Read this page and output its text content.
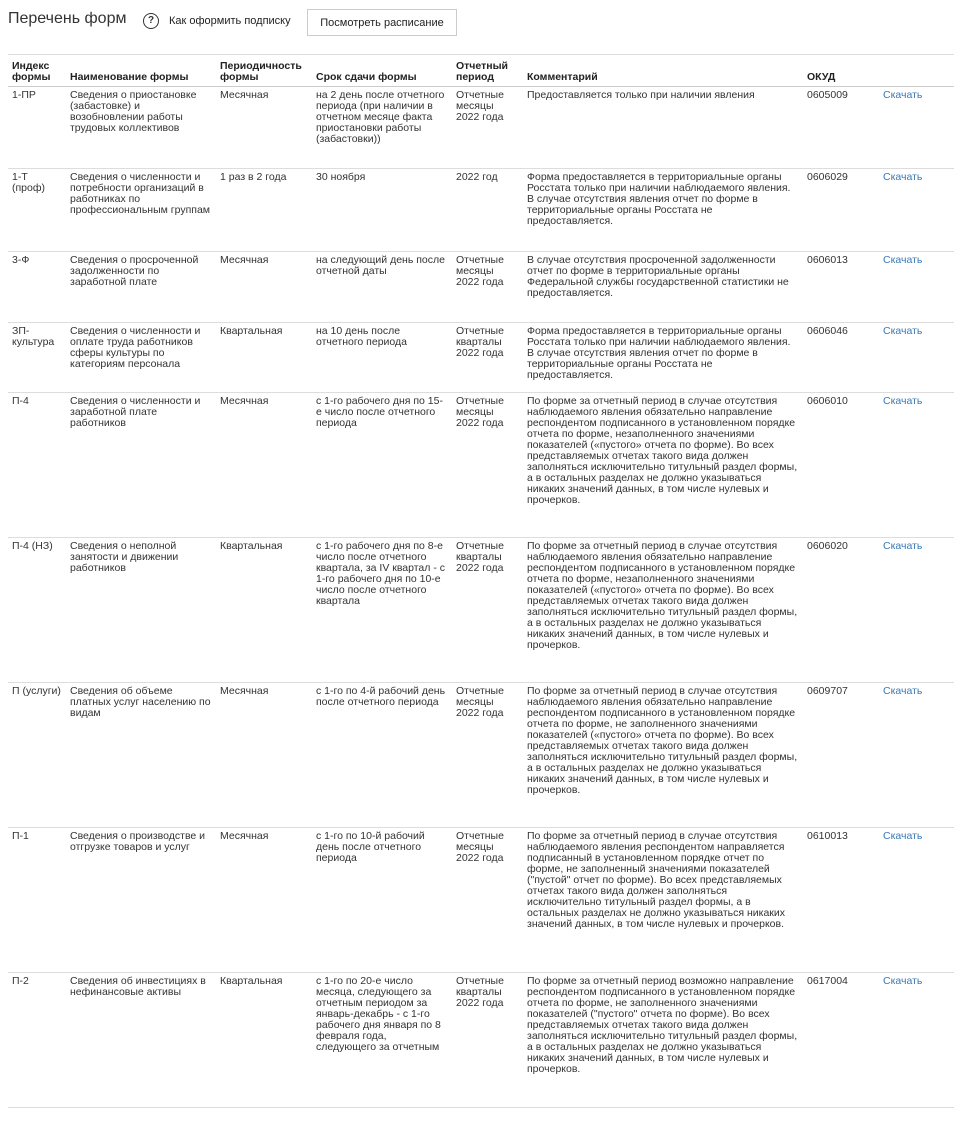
Перечень форм	?	Как оформить подписку	Посмотреть расписание
Индекс формы	Наименование формы	Периодичность формы	Срок сдачи формы	Отчетный период	Комментарий	ОКУД	
1-ПР	Сведения о приостановке (забастовке) и возобновлении работы трудовых коллективов	Месячная	на 2 день после отчетного периода (при наличии в отчетном месяце факта приостановки работы (забастовки))	Отчетные месяцы 2022 года	Предоставляется только при наличии явления	0605009	Скачать
1-Т (проф)	Сведения о численности и потребности организаций в работниках по профессиональным группам	1 раз в 2 года	30 ноября	2022 год	Форма предоставляется в территориальные органы Росстата только при наличии наблюдаемого явления. В случае отсутствия явления отчет по форме в территориальные органы Росстата не предоставляется.	0606029	Скачать
3-Ф	Сведения о просроченной задолженности по заработной плате	Месячная	на следующий день после отчетной даты	Отчетные месяцы 2022 года	В случае отсутствия просроченной задолженности отчет по форме в территориальные органы Федеральной службы государственной статистики не предоставляется.	0606013	Скачать
ЗП-культура	Сведения о численности и оплате труда работников сферы культуры по категориям персонала	Квартальная	на 10 день после отчетного периода	Отчетные кварталы 2022 года	Форма предоставляется в территориальные органы Росстата только при наличии наблюдаемого явления. В случае отсутствия явления отчет по форме в территориальные органы Росстата не предоставляется.	0606046	Скачать
П-4	Сведения о численности и заработной плате работников	Месячная	с 1-го рабочего дня по 15-е число после отчетного периода	Отчетные месяцы 2022 года	По форме за отчетный период в случае отсутствия наблюдаемого явления обязательно направление респондентом подписанного в установленном порядке отчета по форме, незаполненного значениями показателей («пустого» отчета по форме). Во всех представляемых отчетах такого вида должен заполняться исключительно титульный раздел формы, а в остальных разделах не должно указываться никаких значений данных, в том числе нулевых и прочерков.	0606010	Скачать
П-4 (НЗ)	Сведения о неполной занятости и движении работников	Квартальная	с 1-го рабочего дня по 8-е число после отчетного квартала, за IV квартал - с 1-го рабочего дня по 10-е число после отчетного квартала	Отчетные кварталы 2022 года	По форме за отчетный период в случае отсутствия наблюдаемого явления обязательно направление респондентом подписанного в установленном порядке отчета по форме, незаполненного значениями показателей («пустого» отчета по форме). Во всех представляемых отчетах такого вида должен заполняться исключительно титульный раздел формы, а в остальных разделах не должно указываться никаких значений данных, в том числе нулевых и прочерков.	0606020	Скачать
П (услуги)	Сведения об объеме платных услуг населению по видам	Месячная	с 1-го по 4-й рабочий день после отчетного периода	Отчетные месяцы 2022 года	По форме за отчетный период в случае отсутствия наблюдаемого явления обязательно направление респондентом подписанного в установленном порядке отчета по форме, не заполненного значениями показателей («пустого» отчета по форме). Во всех представляемых отчетах такого вида должен заполняться исключительно титульный раздел формы, а в остальных разделах не должно указываться никаких значений данных, в том числе нулевых и прочерков.	0609707	Скачать
П-1	Сведения о производстве и отгрузке товаров и услуг	Месячная	с 1-го по 10-й рабочий день после отчетного периода	Отчетные месяцы 2022 года	По форме за отчетный период в случае отсутствия наблюдаемого явления респондентом направляется подписанный в установленном порядке отчет по форме, не заполненный значениями показателей ("пустой" отчет по форме). Во всех представляемых отчетах такого вида должен заполняться исключительно титульный раздел формы, а в остальных разделах не должно указываться никаких значений данных, в том числе нулевых и прочерков.	0610013	Скачать
П-2	Сведения об инвестициях в нефинансовые активы	Квартальная	с 1-го по 20-е число месяца, следующего за отчетным периодом за январь-декабрь - с 1-го рабочего дня января по 8 февраля года, следующего за отчетным	Отчетные кварталы 2022 года	По форме за отчетный период возможно направление респондентом подписанного в установленном порядке отчета по форме, не заполненного значениями показателей ("пустого" отчета по форме). Во всех представляемых отчетах такого вида должен заполняться исключительно титульный раздел формы, а в остальных разделах не должно указываться никаких значений данных, в том числе нулевых и прочерков.	0617004	Скачать
